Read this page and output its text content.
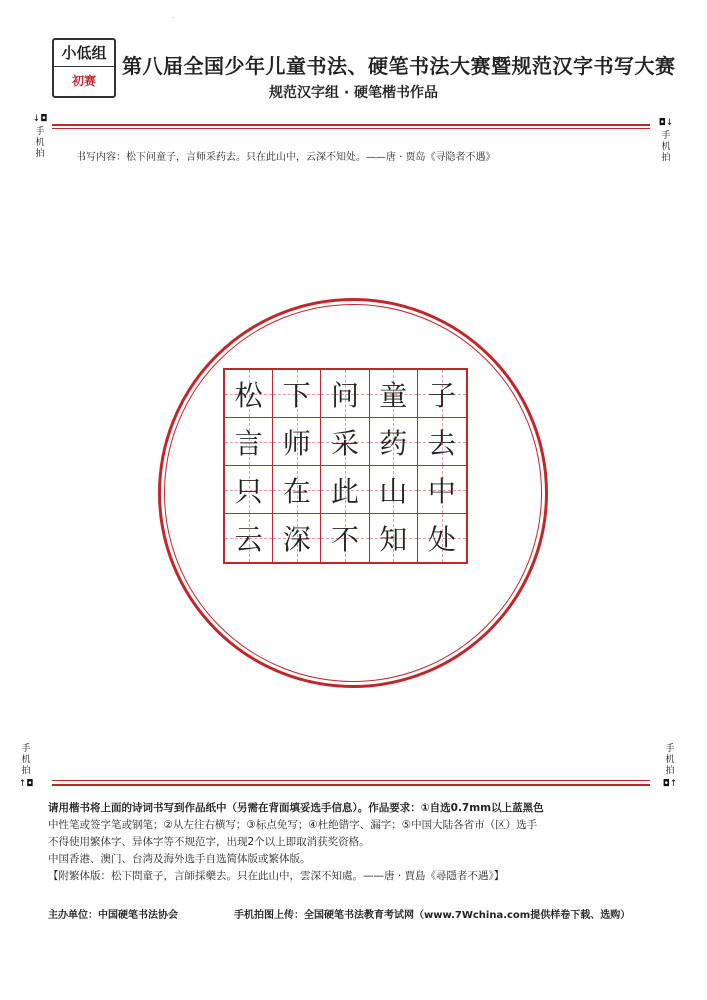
′
小低组
初赛
第八届全国少年儿童书法、硬笔书法大赛暨规范汉字书写大赛
规范汉字组 · 硬笔楷书作品
↓◘
手机拍
◘↓
手机拍
书写内容：松下问童子，言师采药去。只在此山中，云深不知处。——唐 · 贾岛《寻隐者不遇》
松 下 问 童 子
言 师 采 药 去
只 在 此 山 中
云 深 不 知 处
手机拍
↑◘
手机拍
◘↑

请用楷书将上面的诗词书写到作品纸中（另需在背面填妥选手信息）。作品要求：①自选0.7mm以上蓝黑色

中性笔或签字笔或钢笔；②从左往右横写；③标点免写；④杜绝错字、漏字；⑤中国大陆各省市（区）选手

不得使用繁体字、异体字等不规范字，出现2个以上即取消获奖资格。

中国香港、澳门、台湾及海外选手自选简体版或繁体版。

【附繁体版：松下問童子，言師採藥去。只在此山中，雲深不知處。——唐 · 賈島《尋隱者不遇》】

主办单位：中国硬笔书法协会	手机拍图上传：全国硬笔书法教育考试网（www.7Wchina.com提供样卷下载、选购）
